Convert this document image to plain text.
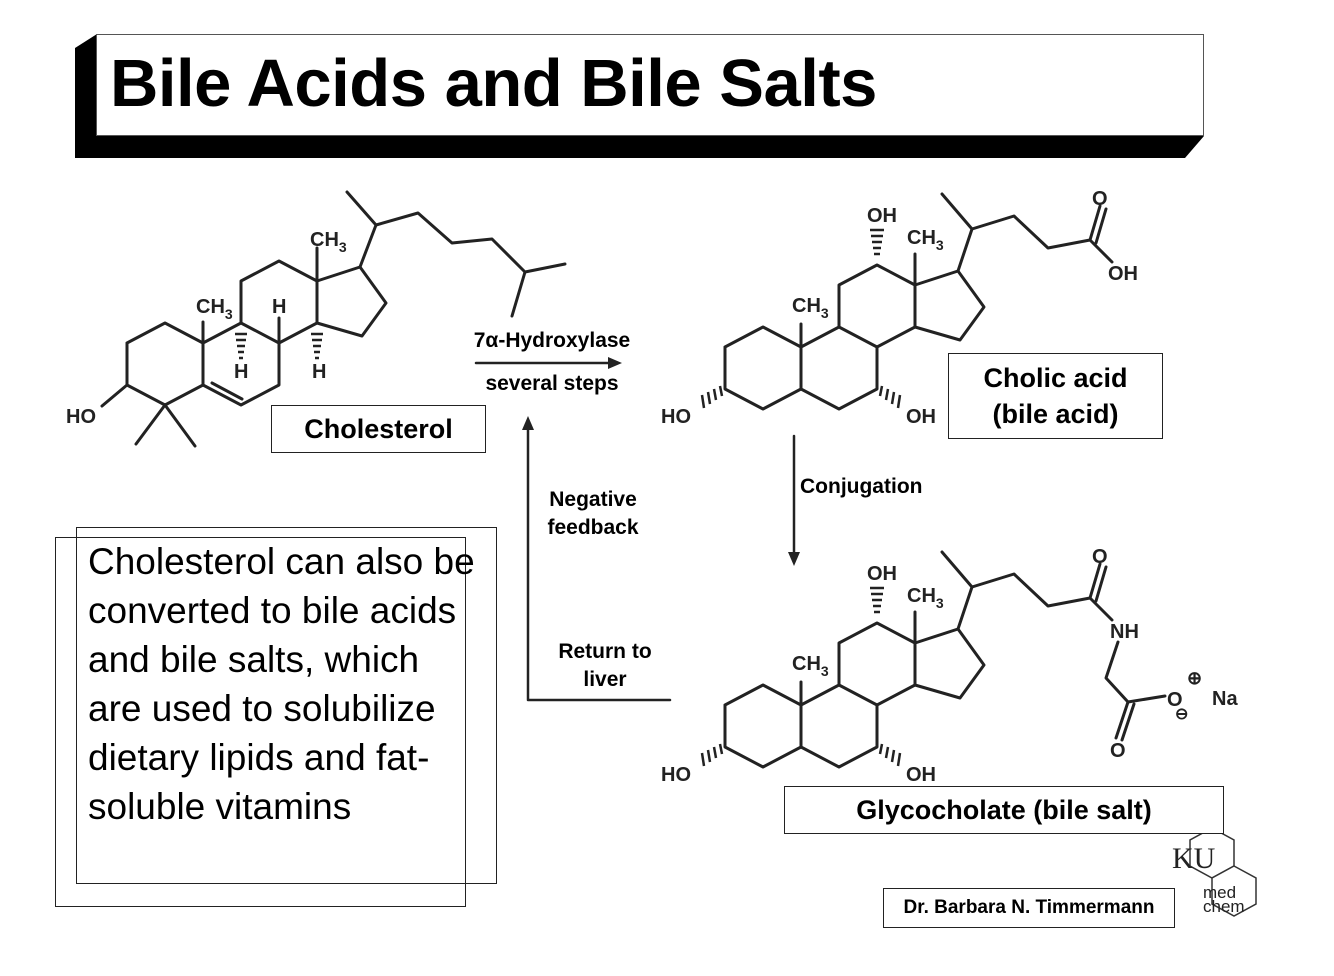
Bile Acids and Bile Salts
$CH_3$
$CH_3$ H
H	H
HO
OH
$CH_3$
$CH_3$
HO	OH
O
OH
OH
$CH_3$
$CH_3$
HO	OH
O
NH
O
O
Na
⊕
⊖
KU
med
chem
Cholesterol
Cholic acid
(bile acid)
Glycocholate (bile salt)
7α-Hydroxylase
several steps
Conjugation
Negative
feedback
Return to
liver
Cholesterol can also be converted to bile acids and bile salts, which are used to solubilize dietary lipids and fat-soluble vitamins
Dr. Barbara N. Timmermann
